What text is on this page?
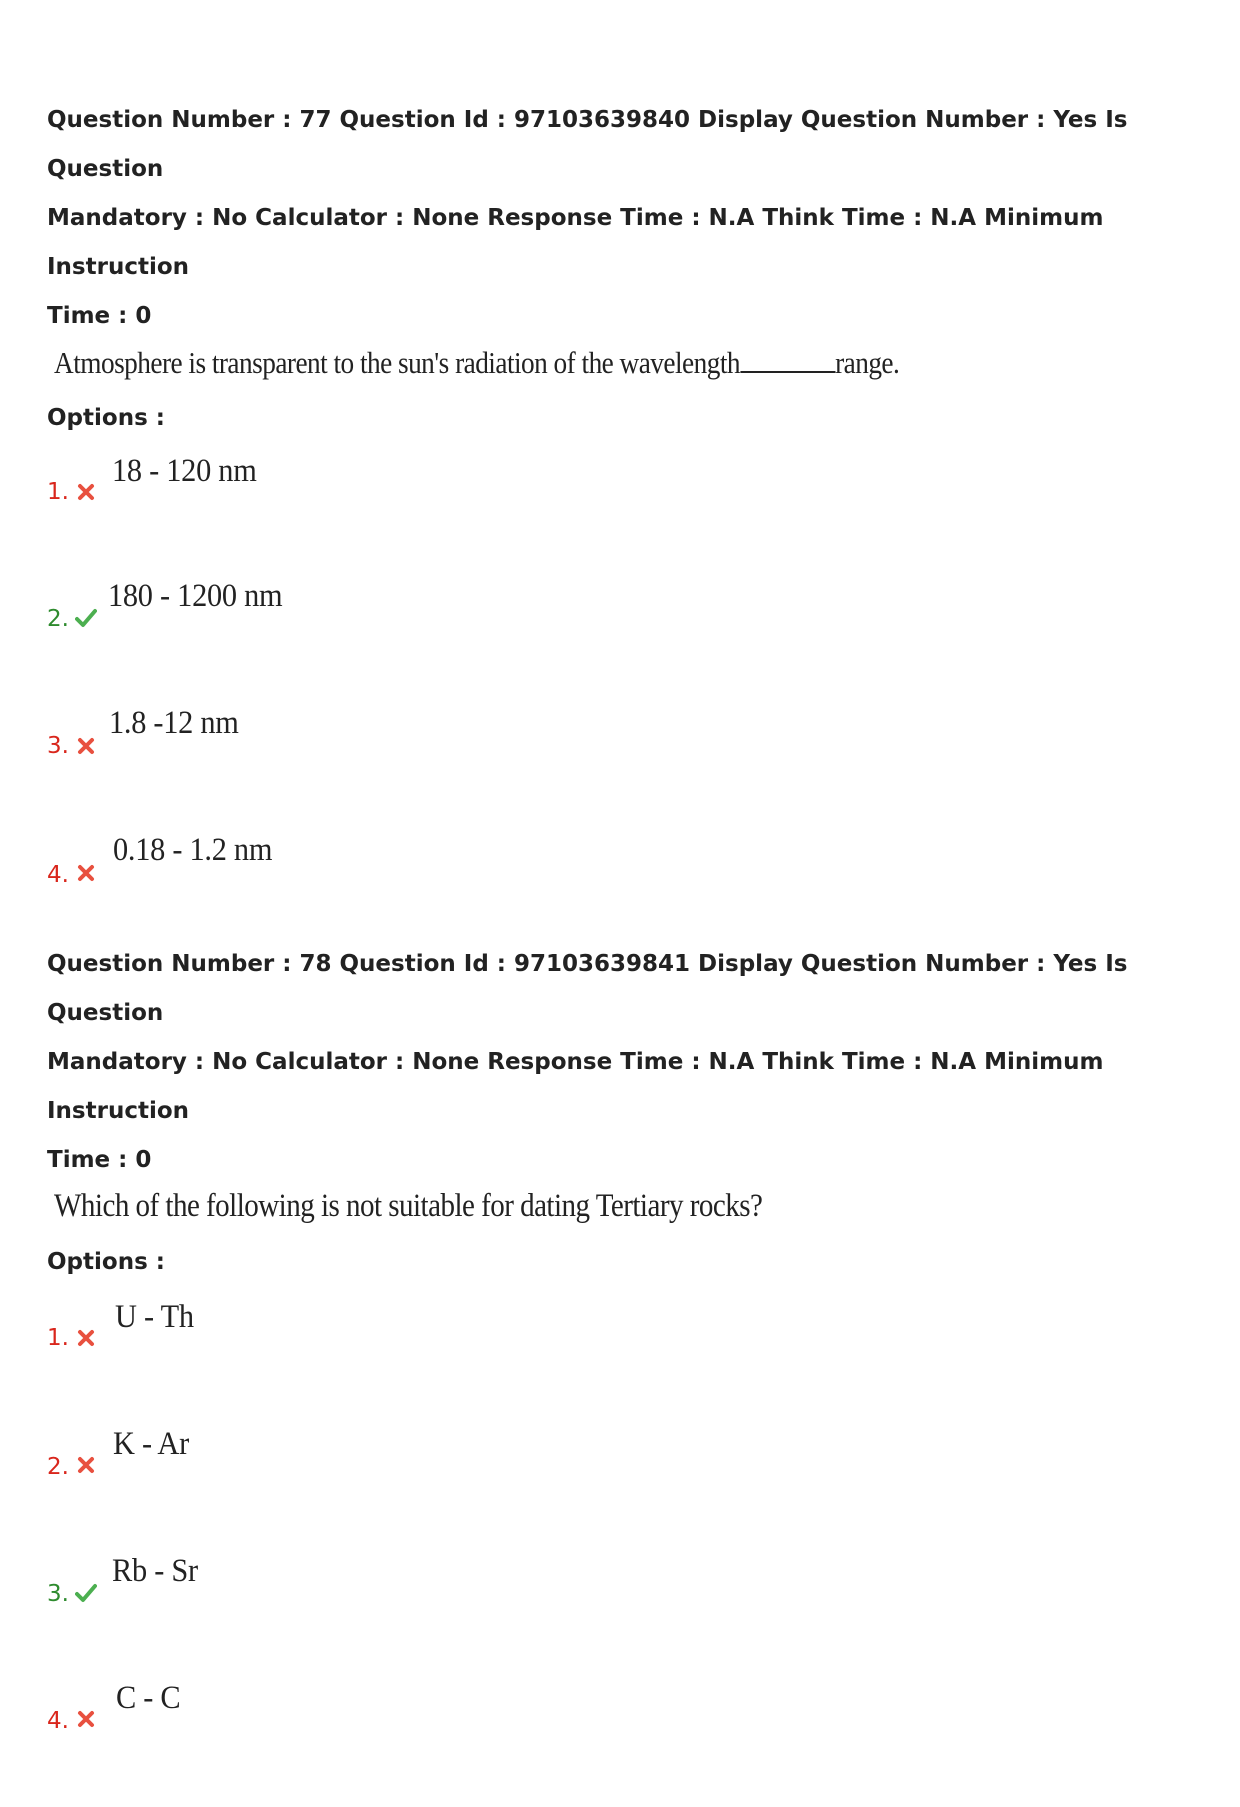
Question Number : 77 Question Id : 97103639840 Display Question Number : Yes Is Question

Mandatory : No Calculator : None Response Time : N.A Think Time : N.A Minimum Instruction

Time : 0

Atmosphere is transparent to the sun's radiation of the wavelength	range.

Options :

1.
18 - 120 nm
2.
180 - 1200 nm
3.
1.8 -12 nm
4.
0.18 - 1.2 nm

Question Number : 78 Question Id : 97103639841 Display Question Number : Yes Is Question

Mandatory : No Calculator : None Response Time : N.A Think Time : N.A Minimum Instruction

Time : 0

Which of the following is not suitable for dating Tertiary rocks?

Options :

1.
U - Th
2.
K - Ar
3.
Rb - Sr
4.
C - C
